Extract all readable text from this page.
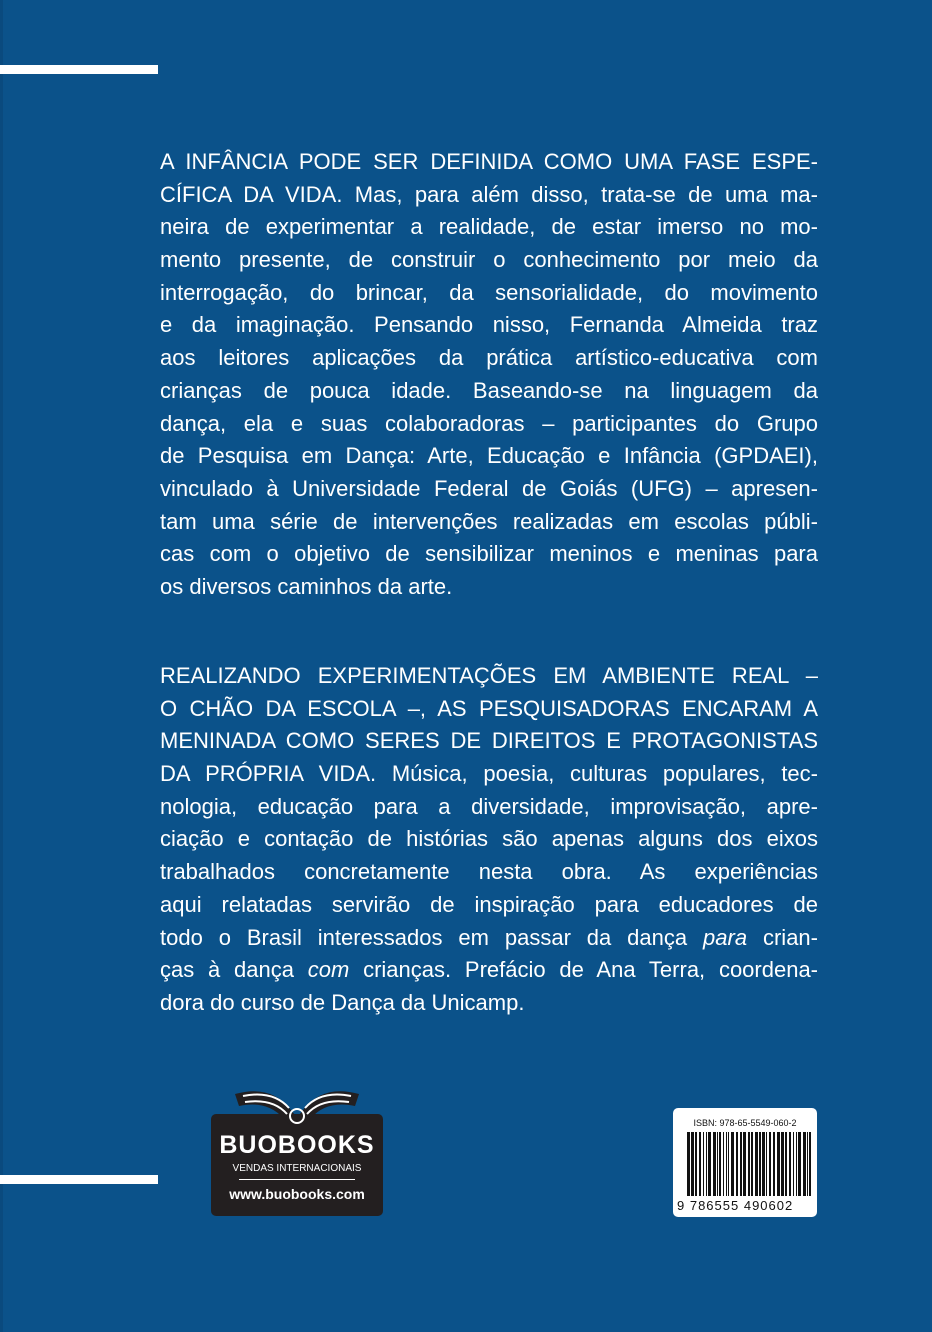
A INFÂNCIA PODE SER DEFINIDA COMO UMA FASE ESPE-
CÍFICA DA VIDA. Mas, para além disso, trata-se de uma ma-
neira de experimentar a realidade, de estar imerso no mo-
mento presente, de construir o conhecimento por meio da
interrogação, do brincar, da sensorialidade, do movimento
e da imaginação. Pensando nisso, Fernanda Almeida traz
aos leitores aplicações da prática artístico-educativa com
crianças de pouca idade. Baseando-se na linguagem da
dança, ela e suas colaboradoras – participantes do Grupo
de Pesquisa em Dança: Arte, Educação e Infância (GPDAEI),
vinculado à Universidade Federal de Goiás (UFG) – apresen-
tam uma série de intervenções realizadas em escolas públi-
cas com o objetivo de sensibilizar meninos e meninas para
os diversos caminhos da arte.
REALIZANDO EXPERIMENTAÇÕES EM AMBIENTE REAL –
O CHÃO DA ESCOLA –, AS PESQUISADORAS ENCARAM A
MENINADA COMO SERES DE DIREITOS E PROTAGONISTAS
DA PRÓPRIA VIDA. Música, poesia, culturas populares, tec-
nologia, educação para a diversidade, improvisação, apre-
ciação e contação de histórias são apenas alguns dos eixos
trabalhados concretamente nesta obra. As experiências
aqui relatadas servirão de inspiração para educadores de
todo o Brasil interessados em passar da dança para crian-
ças à dança com crianças. Prefácio de Ana Terra, coordena-
dora do curso de Dança da Unicamp.
BUOBOOKS
VENDAS INTERNACIONAIS
www.buobooks.com
ISBN: 978-65-5549-060-2
9 786555 490602
